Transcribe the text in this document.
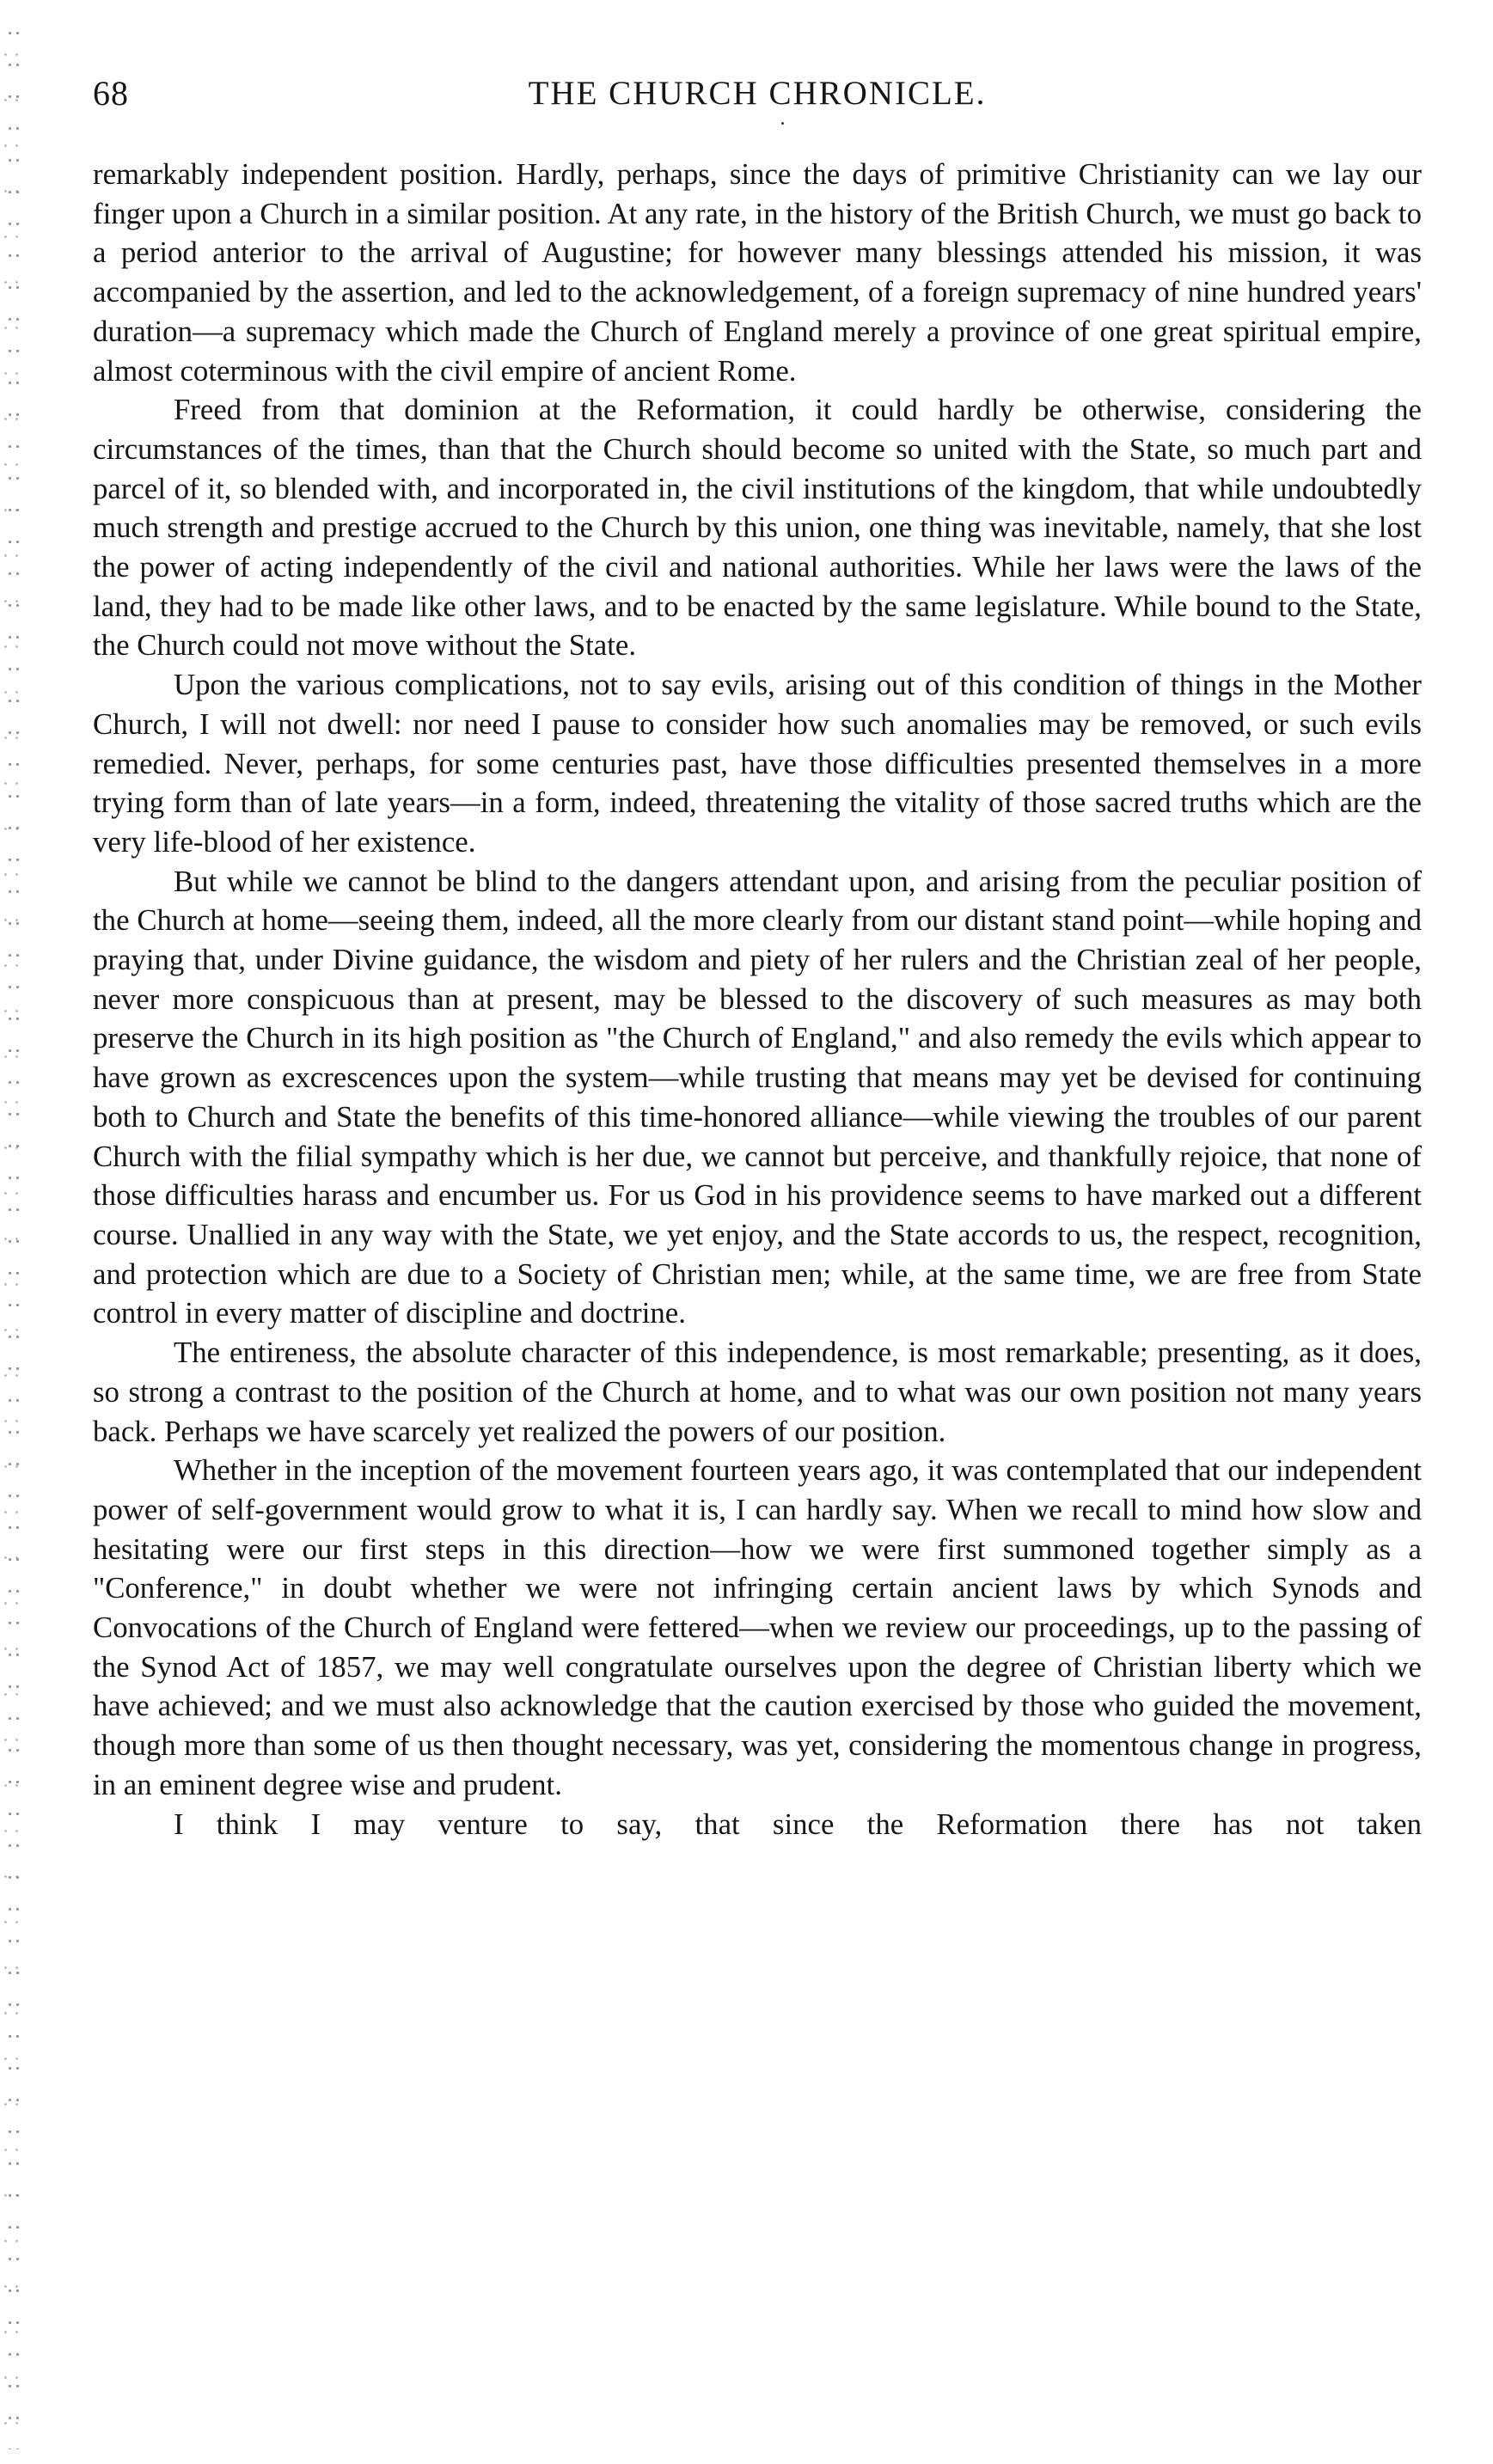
68	THE CHURCH CHRONICLE.

remarkably independent position. Hardly, perhaps, since the days of primitive Christianity can we lay our finger upon a Church in a similar position. At any rate, in the history of the British Church, we must go back to a period anterior to the arrival of Augustine; for however many blessings attended his mission, it was accompanied by the assertion, and led to the acknowledgement, of a foreign supremacy of nine hundred years' duration—a supremacy which made the Church of England merely a province of one great spiritual empire, almost coterminous with the civil empire of ancient Rome.

Freed from that dominion at the Reformation, it could hardly be otherwise, considering the circumstances of the times, than that the Church should become so united with the State, so much part and parcel of it, so blended with, and incorporated in, the civil institutions of the kingdom, that while undoubtedly much strength and prestige accrued to the Church by this union, one thing was inevitable, namely, that she lost the power of acting independently of the civil and national authorities. While her laws were the laws of the land, they had to be made like other laws, and to be enacted by the same legislature. While bound to the State, the Church could not move without the State.

Upon the various complications, not to say evils, arising out of this condition of things in the Mother Church, I will not dwell: nor need I pause to consider how such anomalies may be removed, or such evils remedied. Never, perhaps, for some centuries past, have those difficulties presented themselves in a more trying form than of late years—in a form, indeed, threatening the vitality of those sacred truths which are the very life-blood of her existence.

But while we cannot be blind to the dangers attendant upon, and arising from the peculiar position of the Church at home—seeing them, indeed, all the more clearly from our distant stand point—while hoping and praying that, under Divine guidance, the wisdom and piety of her rulers and the Christian zeal of her people, never more conspicuous than at present, may be blessed to the discovery of such measures as may both preserve the Church in its high position as "the Church of England," and also remedy the evils which appear to have grown as excrescences upon the system—while trusting that means may yet be devised for continuing both to Church and State the benefits of this time-honored alliance—while viewing the troubles of our parent Church with the filial sympathy which is her due, we cannot but perceive, and thankfully rejoice, that none of those difficulties harass and encumber us. For us God in his providence seems to have marked out a different course. Unallied in any way with the State, we yet enjoy, and the State accords to us, the respect, recognition, and protection which are due to a Society of Christian men; while, at the same time, we are free from State control in every matter of discipline and doctrine.

The entireness, the absolute character of this independence, is most remarkable; presenting, as it does, so strong a contrast to the position of the Church at home, and to what was our own position not many years back. Perhaps we have scarcely yet realized the powers of our position.

Whether in the inception of the movement fourteen years ago, it was contemplated that our independent power of self-government would grow to what it is, I can hardly say. When we recall to mind how slow and hesitating were our first steps in this direction—how we were first summoned together simply as a "Conference," in doubt whether we were not infringing certain ancient laws by which Synods and Convocations of the Church of England were fettered—when we review our proceedings, up to the passing of the Synod Act of 1857, we may well congratulate ourselves upon the degree of Christian liberty which we have achieved; and we must also acknowledge that the caution exercised by those who guided the movement, though more than some of us then thought necessary, was yet, considering the momentous change in progress, in an eminent degree wise and prudent.

I think I may venture to say, that since the Reformation there has not taken
